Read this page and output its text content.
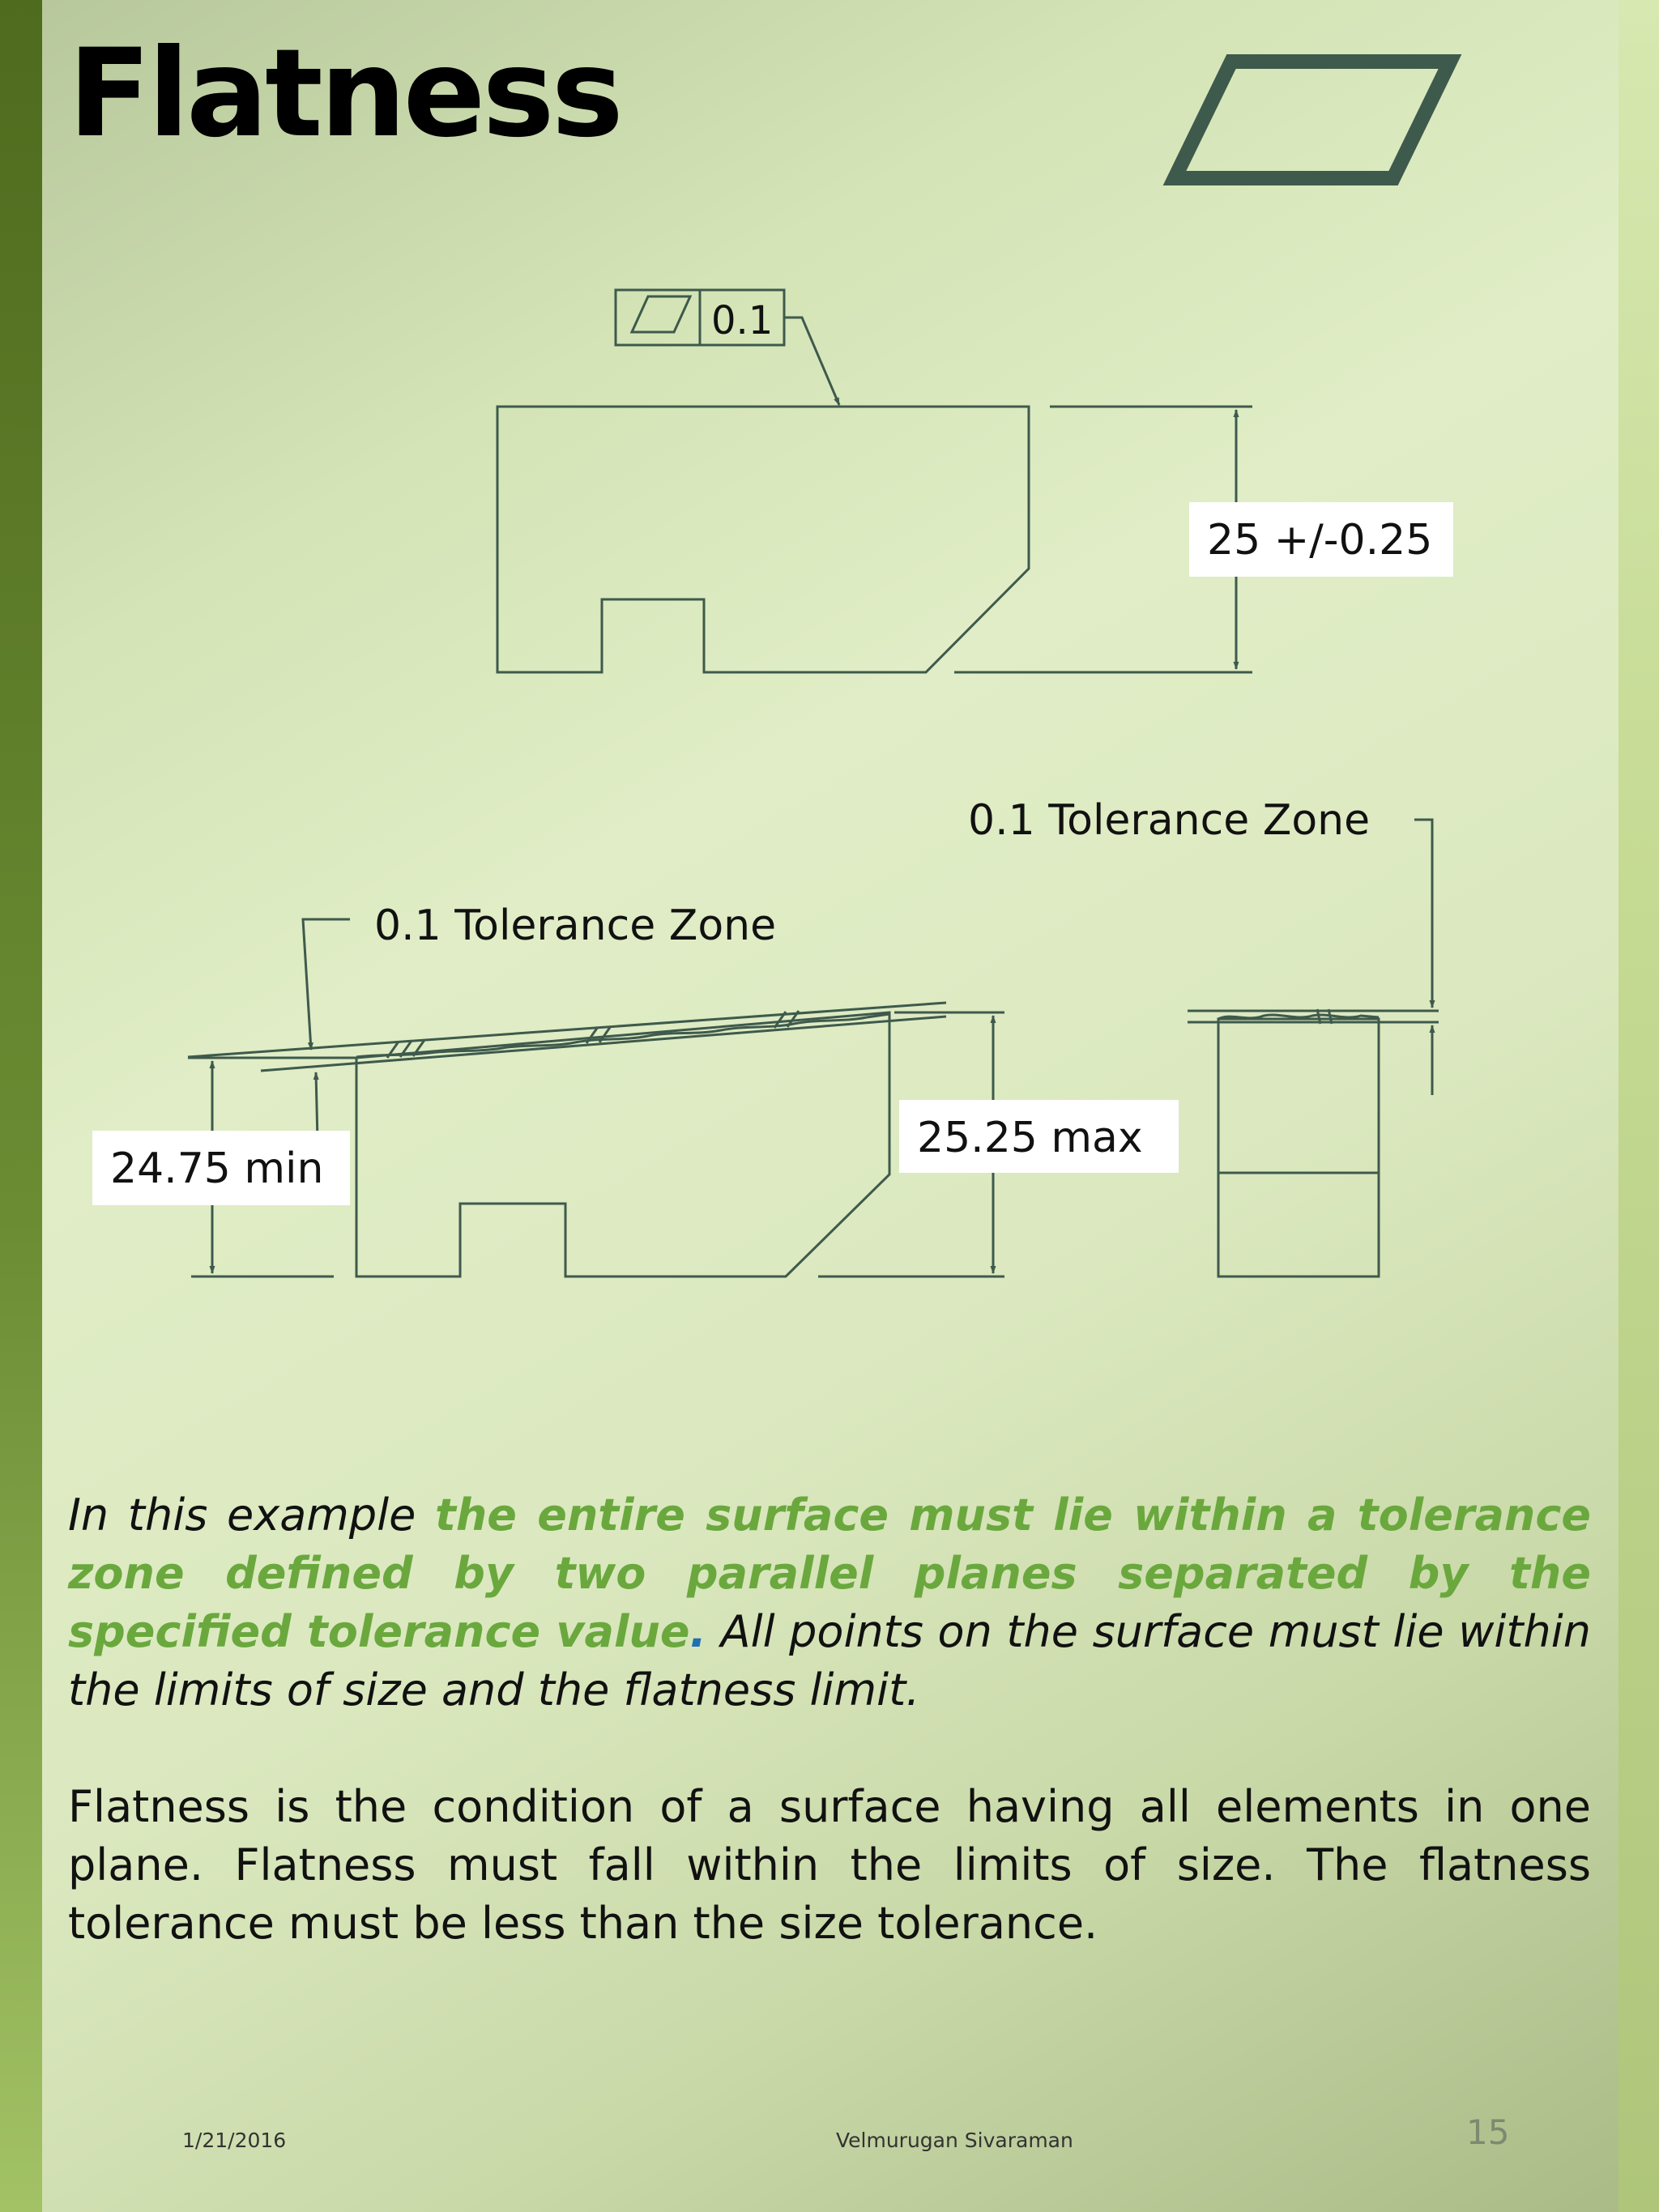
Flatness
0.1
25 +/-0.25
0.1 Tolerance Zone
0.1 Tolerance Zone
24.75 min
25.25 max

In this example the entire surface must lie within a tolerance zone defined by two parallel planes separated by the specified tolerance value. All points on the surface must lie within the limits of size and the flatness limit.

Flatness is the condition of a surface having all elements in one plane. Flatness must fall within the limits of size. The flatness tolerance must be less than the size tolerance.

1/21/2016	Velmurugan Sivaraman	15
